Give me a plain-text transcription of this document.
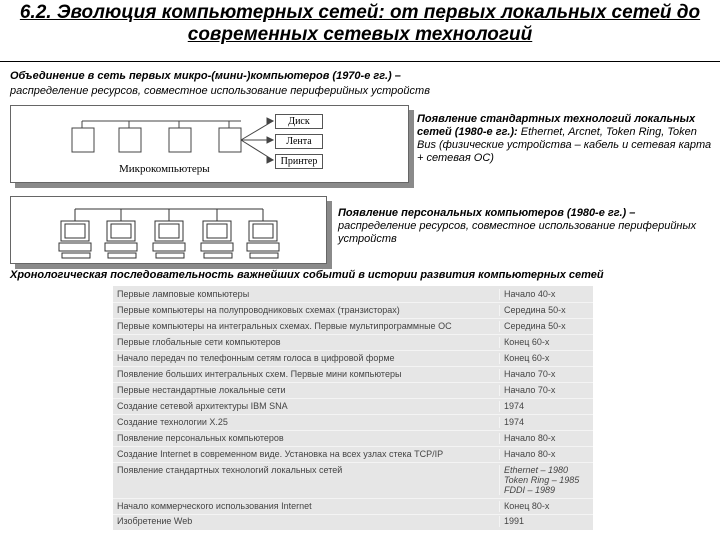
6.2. Эволюция компьютерных сетей: от первых локальных сетей до
современных сетевых технологий
Объединение в сеть первых микро-(мини-)компьютеров (1970-е гг.) –
распределение ресурсов, совместное использование периферийных устройств
Диск
Лента
Принтер
Микрокомпьютеры
Появление стандартных технологий локальных сетей (1980-е гг.): Ethernet, Arcnet, Token Ring, Token Bus (физические устройства – кабель и сетевая карта + сетевая ОС)
Появление персональных компьютеров (1980-е гг.) – распределение ресурсов, совместное использование периферийных устройств
Хронологическая последовательность важнейших событий в истории развития компьютерных сетей
Первые ламповые компьютеры	Начало 40-х
Первые компьютеры на полупроводниковых схемах (транзисторах)	Середина 50-х
Первые компьютеры на интегральных схемах. Первые мультипрограммные ОС	Середина 50-х
Первые глобальные сети компьютеров	Конец 60-х
Начало передач по телефонным сетям голоса в цифровой форме	Конец 60-х
Появление больших интегральных схем. Первые мини компьютеры	Начало 70-х
Первые нестандартные локальные сети	Начало 70-х
Создание сетевой архитектуры IBM SNA	1974
Создание технологии X.25	1974
Появление персональных компьютеров	Начало 80-х
Создание Internet в современном виде. Установка на всех узлах стека TCP/IP	Начало 80-х
Появление стандартных технологий локальных сетей	Ethernet – 1980
Token Ring – 1985
FDDI – 1989
Начало коммерческого использования Internet	Конец 80-х
Изобретение Web	1991
